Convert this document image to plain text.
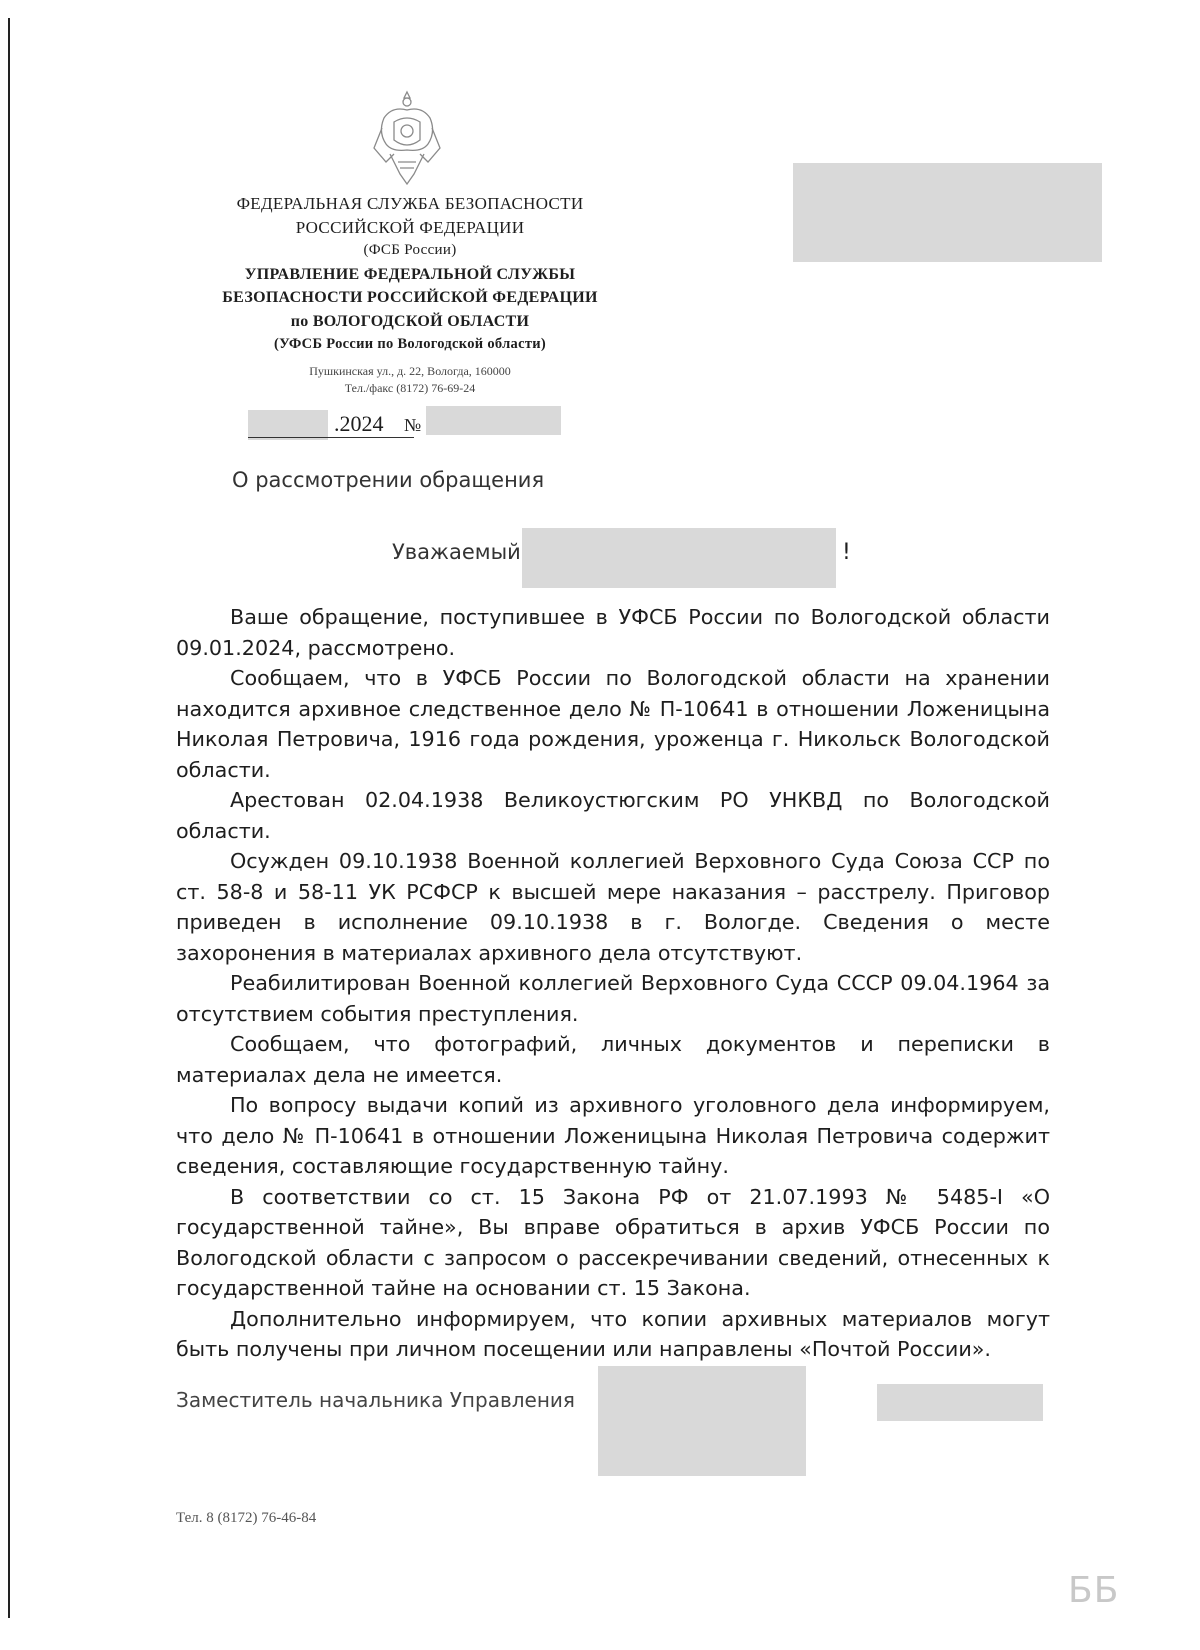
ФЕДЕРАЛЬНАЯ СЛУЖБА БЕЗОПАСНОСТИ
РОССИЙСКОЙ ФЕДЕРАЦИИ
(ФСБ России)
УПРАВЛЕНИЕ ФЕДЕРАЛЬНОЙ СЛУЖБЫ
БЕЗОПАСНОСТИ РОССИЙСКОЙ ФЕДЕРАЦИИ
по ВОЛОГОДСКОЙ ОБЛАСТИ
(УФСБ России по Вологодской области)
Пушкинская ул., д. 22, Вологда, 160000
Тел./факс (8172) 76-69-24
.2024 №
О рассмотрении обращения
Уважаемый	!

Ваше обращение, поступившее в УФСБ России по Вологодской области 09.01.2024, рассмотрено.

Сообщаем, что в УФСБ России по Вологодской области на хранении находится архивное следственное дело № П-10641 в отношении Ложеницына Николая Петровича, 1916 года рождения, уроженца г. Никольск Вологодской области.

Арестован 02.04.1938 Великоустюгским РО УНКВД по Вологодской области.

Осужден 09.10.1938 Военной коллегией Верховного Суда Союза ССР по ст. 58-8 и 58-11 УК РСФСР к высшей мере наказания – расстрелу. Приговор приведен в исполнение 09.10.1938 в г. Вологде. Сведения о месте захоронения в материалах архивного дела отсутствуют.

Реабилитирован Военной коллегией Верховного Суда СССР 09.04.1964 за отсутствием события преступления.

Сообщаем, что фотографий, личных документов и переписки в материалах дела не имеется.

По вопросу выдачи копий из архивного уголовного дела информируем, что дело № П-10641 в отношении Ложеницына Николая Петровича содержит сведения, составляющие государственную тайну.

В соответствии со ст. 15 Закона РФ от 21.07.1993 № 5485-I «О государственной тайне», Вы вправе обратиться в архив УФСБ России по Вологодской области с запросом о рассекречивании сведений, отнесенных к государственной тайне на основании ст. 15 Закона.

Дополнительно информируем, что копии архивных материалов могут быть получены при личном посещении или направлены «Почтой России».

Заместитель начальника Управления
Тел. 8 (8172) 76-46-84
ББ
